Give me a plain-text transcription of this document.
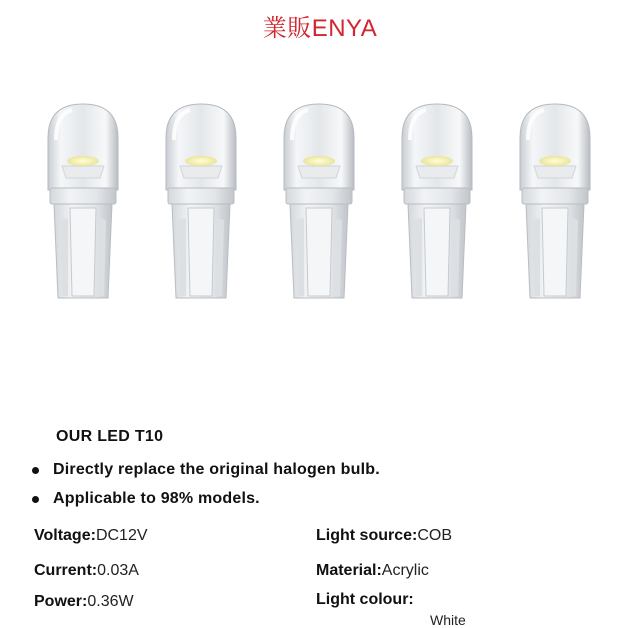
業販ENYA
OUR LED T10
Directly replace the original halogen bulb.
Applicable to 98% models.
Voltage:DC12V
Current:0.03A
Power:0.36W
Light source:COB
Material:Acrylic
Light colour:
White
